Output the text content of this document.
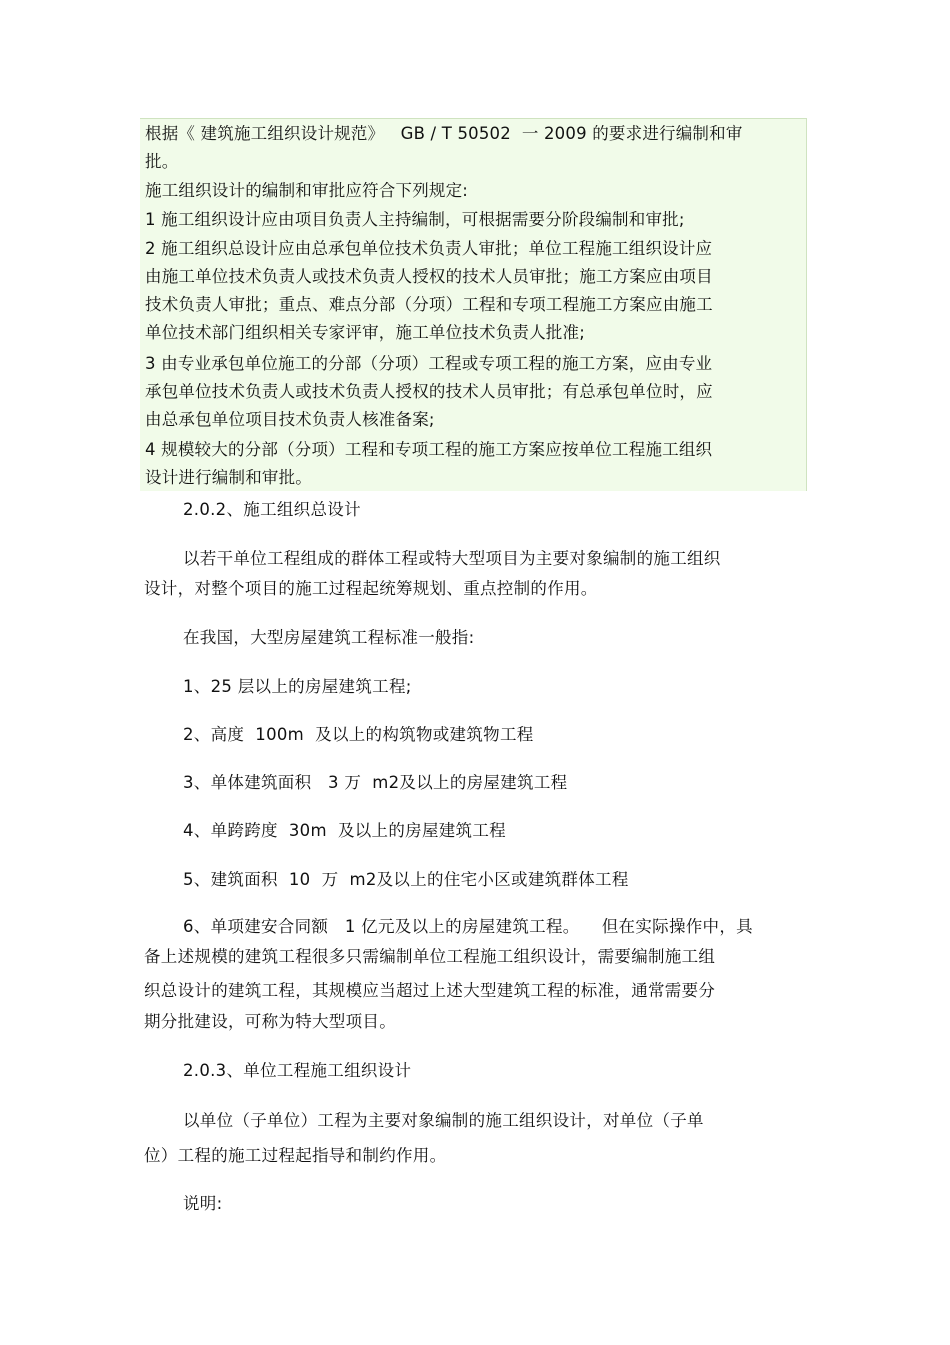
根据《 建筑施工组织设计规范》   GB / T 50502  一 2009 的要求进行编制和审
批。
施工组织设计的编制和审批应符合下列规定:
1 施工组织设计应由项目负责人主持编制，可根据需要分阶段编制和审批;
2 施工组织总设计应由总承包单位技术负责人审批；单位工程施工组织设计应
由施工单位技术负责人或技术负责人授权的技术人员审批；施工方案应由项目
技术负责人审批；重点、难点分部（分项）工程和专项工程施工方案应由施工
单位技术部门组织相关专家评审，施工单位技术负责人批准;
3 由专业承包单位施工的分部（分项）工程或专项工程的施工方案，应由专业
承包单位技术负责人或技术负责人授权的技术人员审批；有总承包单位时，应
由总承包单位项目技术负责人核准备案;
4 规模较大的分部（分项）工程和专项工程的施工方案应按单位工程施工组织
设计进行编制和审批。
2.0.2、施工组织总设计
以若干单位工程组成的群体工程或特大型项目为主要对象编制的施工组织
设计，对整个项目的施工过程起统筹规划、重点控制的作用。
在我国，大型房屋建筑工程标准一般指:
1、25 层以上的房屋建筑工程;
2、高度  100m  及以上的构筑物或建筑物工程
3、单体建筑面积   3 万  m2及以上的房屋建筑工程
4、单跨跨度  30m  及以上的房屋建筑工程
5、建筑面积  10  万  m2及以上的住宅小区或建筑群体工程
6、单项建安合同额   1 亿元及以上的房屋建筑工程。    但在实际操作中，具
备上述规模的建筑工程很多只需编制单位工程施工组织设计，需要编制施工组
织总设计的建筑工程，其规模应当超过上述大型建筑工程的标准，通常需要分
期分批建设，可称为特大型项目。
2.0.3、单位工程施工组织设计
以单位（子单位）工程为主要对象编制的施工组织设计，对单位（子单
位）工程的施工过程起指导和制约作用。
说明:
